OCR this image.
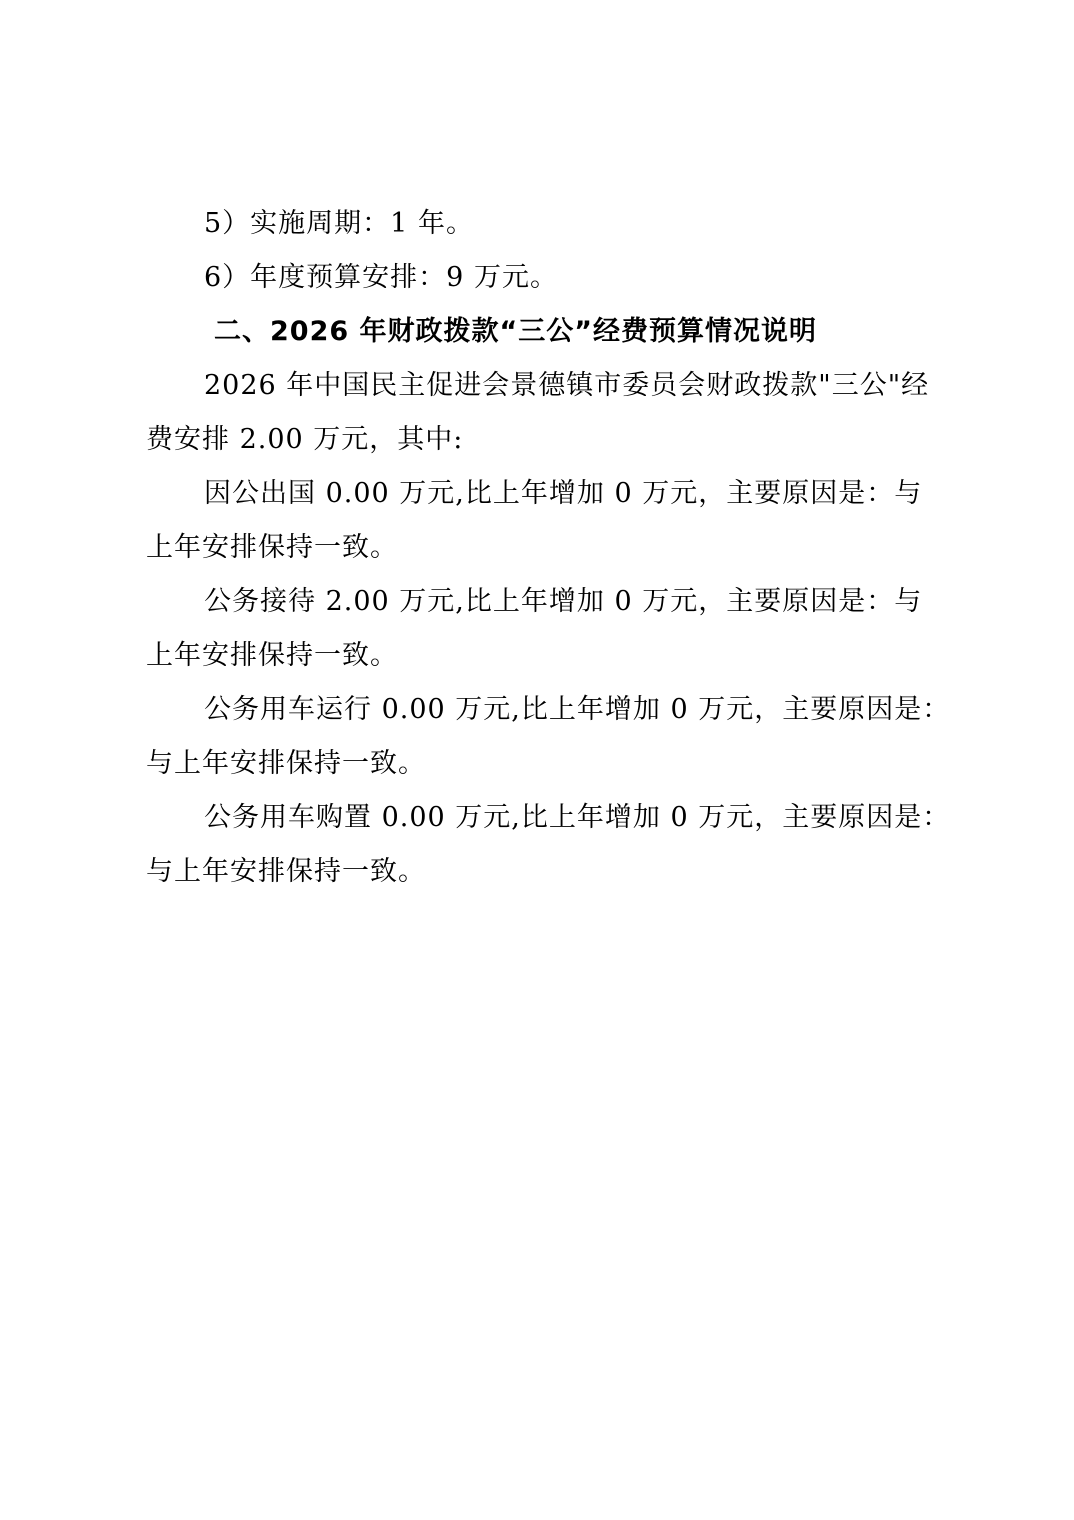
5）实施周期：1 年。
6）年度预算安排：9 万元。
二、2026 年财政拨款“三公”经费预算情况说明
2026 年中国民主促进会景德镇市委员会财政拨款"三公"经
费安排 2.00 万元，其中:
因公出国 0.00 万元,比上年增加 0 万元，主要原因是：与
上年安排保持一致。
公务接待 2.00 万元,比上年增加 0 万元，主要原因是：与
上年安排保持一致。
公务用车运行 0.00 万元,比上年增加 0 万元，主要原因是：
与上年安排保持一致。
公务用车购置 0.00 万元,比上年增加 0 万元，主要原因是：
与上年安排保持一致。
